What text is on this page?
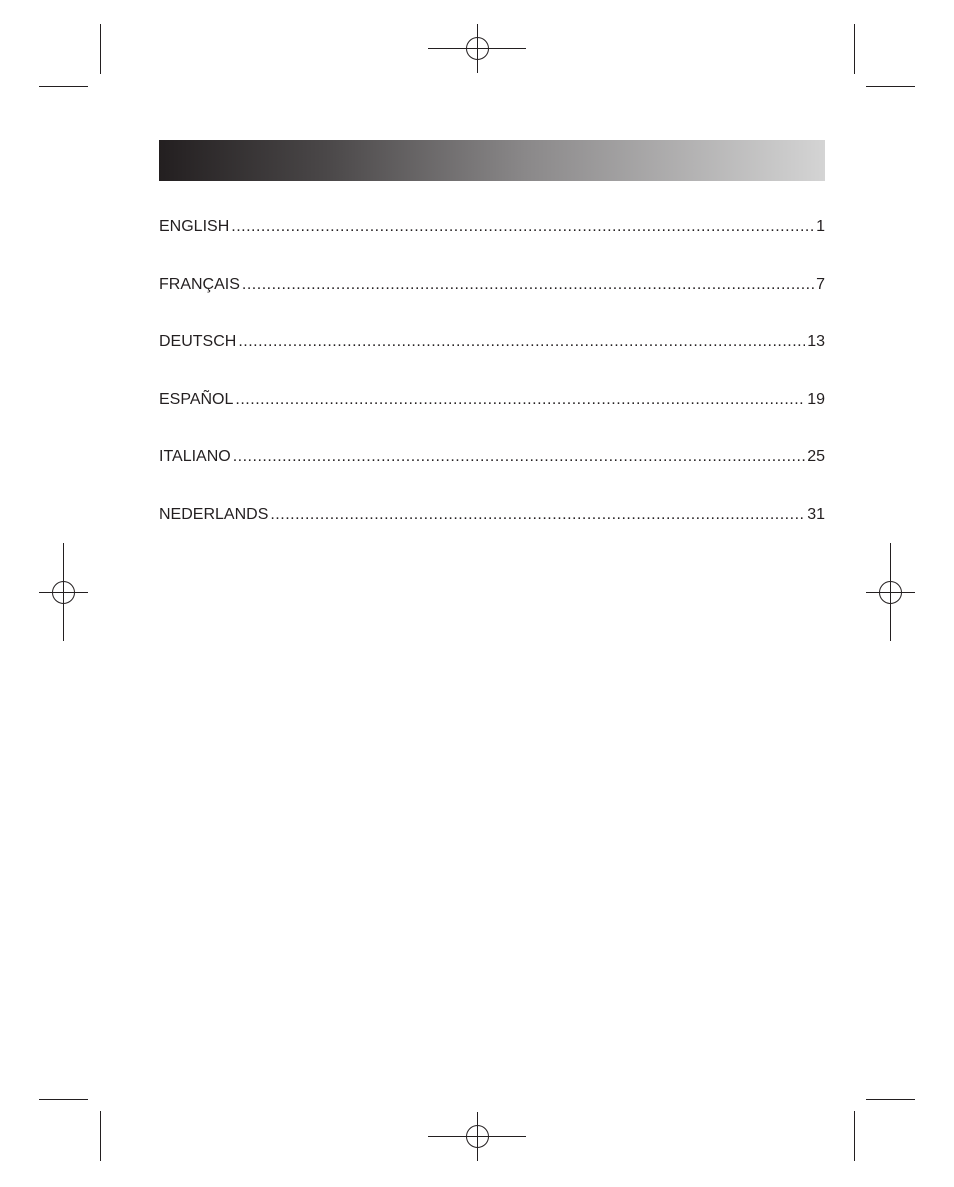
ENGLISH .....	1
FRANÇAIS .....	7
DEUTSCH .....	13
ESPAÑOL .....	19
ITALIANO .....	25
NEDERLANDS .....	31
